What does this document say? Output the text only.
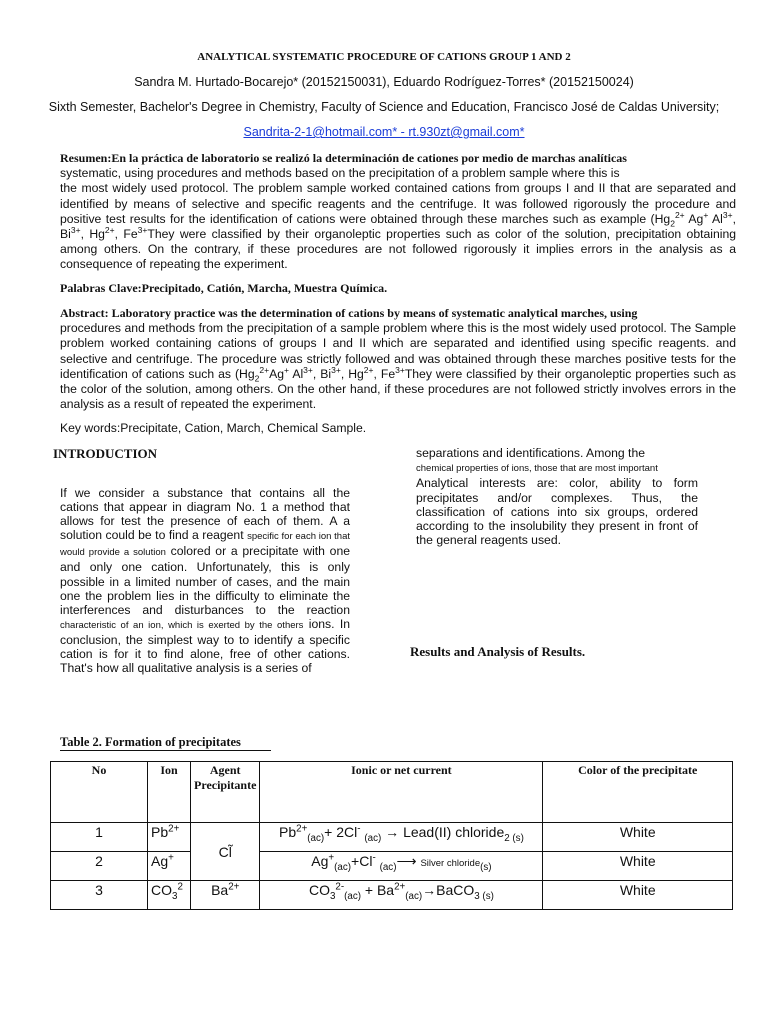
ANALYTICAL SYSTEMATIC PROCEDURE OF CATIONS GROUP 1 AND 2
Sandra M. Hurtado-Bocarejo* (20152150031), Eduardo Rodríguez-Torres* (20152150024)
Sixth Semester, Bachelor's Degree in Chemistry, Faculty of Science and Education, Francisco José de Caldas University;
Sandrita-2-1@hotmail.com* - rt.930zt@gmail.com*
Resumen:En la práctica de laboratorio se realizó la determinación de cationes por medio de marchas analíticas
systematic, using procedures and methods based on the precipitation of a problem sample where this is
the most widely used protocol. The problem sample worked contained cations from groups I and II that are separated and identified by means of selective and specific reagents and the centrifuge. It was followed rigorously the procedure and positive test results for the identification of cations were obtained through these marches such as example ($Hg_2^{2+}$ Ag+ $Al^{3+}$, $Bi^{3+}$, $Hg^{2+}$, $Fe^{3+}They$ were classified by their organoleptic properties such as color of the solution, precipitation obtaining among others. On the contrary, if these procedures are not followed rigorously it implies errors in the analysis as a consequence of repeating the experiment.
Palabras Clave:Precipitado, Catión, Marcha, Muestra Química.
Abstract: Laboratory practice was the determination of cations by means of systematic analytical marches, using
procedures and methods from the precipitation of a sample problem where this is the most widely used protocol. The Sample problem worked containing cations of groups I and II which are separated and identified using specific reagents. and selective and centrifuge. The procedure was strictly followed and was obtained through these marches positive tests for the identification of cations such as ($Hg_2^{2+}Ag^+$ $Al^{3+}$, $Bi^{3+}$, $Hg^{2+}$, $Fe^{3+}They$ were classified by their organoleptic properties such as the color of the solution, among others. On the other hand, if these procedures are not followed strictly involves errors in the analysis as a result of repeated the experiment.
Key words:Precipitate, Cation, March, Chemical Sample.
INTRODUCTION
If we consider a substance that contains all the cations that appear in diagram No. 1 a method that allows for test the presence of each of them. A a solution could be to find a reagent specific for each ion that would provide a solution colored or a precipitate with one and only one cation. Unfortunately, this is only possible in a limited number of cases, and the main one the problem lies in the difficulty to eliminate the interferences and disturbances to the reaction characteristic of an ion, which is exerted by the others ions. In conclusion, the simplest way to to identify a specific cation is for it to find alone, free of other cations. That's how all qualitative analysis is a series of
separations and identifications. Among the
chemical properties of ions, those that are most important
Analytical interests are: color, ability to form precipitates and/or complexes. Thus, the classification of cations into six groups, ordered according to the insolubility they present in front of the general reagents used.
Results and Analysis of Results.
Table 2. Formation of precipitates
No	Ion	Agent Precipitante	Ionic or net current	Color of the precipitate
1	$Pb^{2+}$	Cl̃	$Pb^{2+}_{(ac)}+ 2Cl^-$ $_{(ac)}$ → Lead(II) chloride$_{2 (s)}$	White
2	Ag+		$Ag^+_{(ac)}+Cl^-$ $_{(ac)}$⟶ Silver chloride$_{(s)}$	White
3	$CO_3^2$	$Ba^{2+}$	$CO_3^{2-}_{(ac)}$ + $Ba^{2+}_{(ac)}\to BaCO_{3 (s)}$	White
